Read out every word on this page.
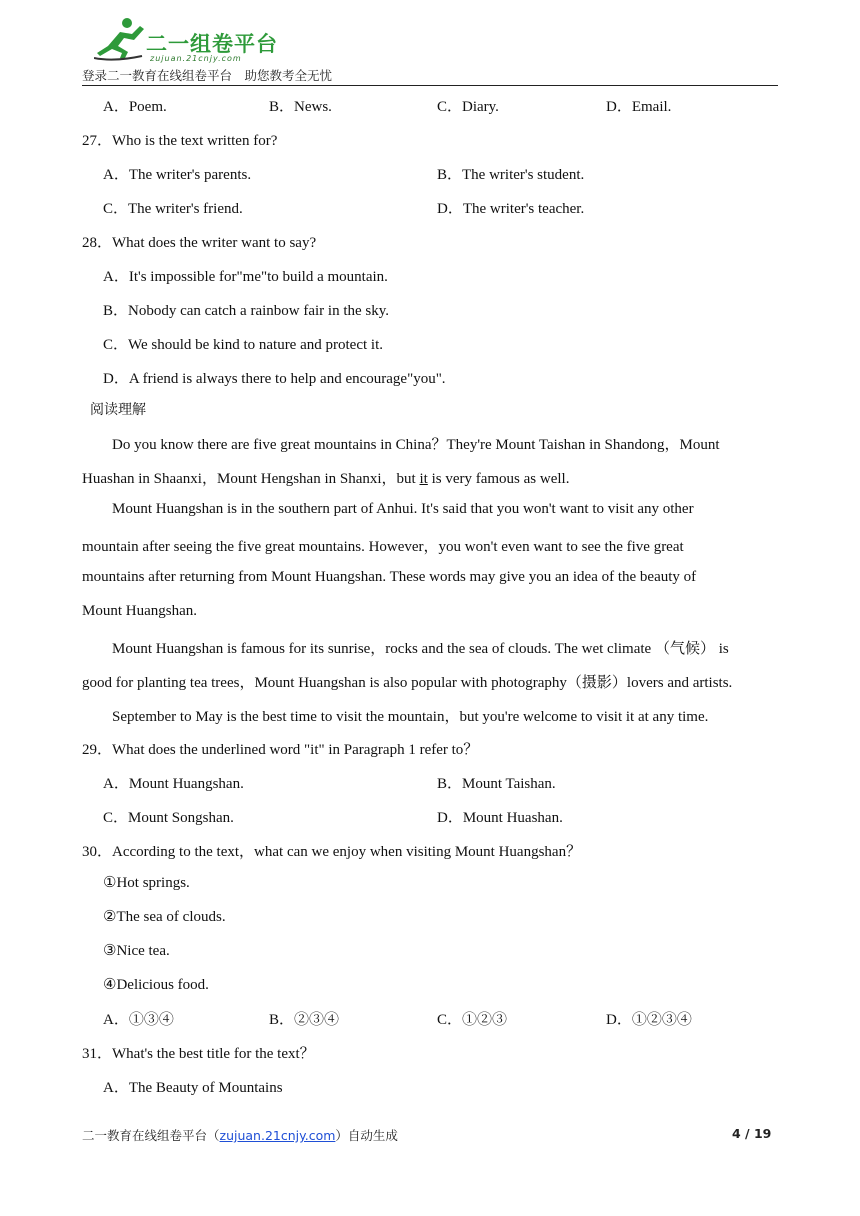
二一组卷平台
zujuan.21cnjy.com
登录二一教育在线组卷平台　助您教考全无忧
A．Poem.	B．News.	C．Diary.	D．Email.
27．Who is the text written for?
A．The writer's parents.	B．The writer's student.
C．The writer's friend.	D．The writer's teacher.
28．What does the writer want to say?
A．It's impossible for"me"to build a mountain.
B．Nobody can catch a rainbow fair in the sky.
C．We should be kind to nature and protect it.
D．A friend is always there to help and encourage"you".
阅读理解
Do you know there are five great mountains in China？They're Mount Taishan in Shandong，Mount
Huashan in Shaanxi，Mount Hengshan in Shanxi，but it is very famous as well.
Mount Huangshan is in the southern part of Anhui. It's said that you won't want to visit any other
mountain after seeing the five great mountains. However，you won't even want to see the five great
mountains after returning from Mount Huangshan. These words may give you an idea of the beauty of
Mount Huangshan.
Mount Huangshan is famous for its sunrise，rocks and the sea of clouds. The wet climate （气候） is
good for planting tea trees，Mount Huangshan is also popular with photography（摄影）lovers and artists.
September to May is the best time to visit the mountain，but you're welcome to visit it at any time.
29．What does the underlined word "it" in Paragraph 1 refer to？
A．Mount Huangshan.	B．Mount Taishan.
C．Mount Songshan.	D．Mount Huashan.
30．According to the text，what can we enjoy when visiting Mount Huangshan？
①Hot springs.
②The sea of clouds.
③Nice tea.
④Delicious food.
A．①③④	B．②③④	C．①②③	D．①②③④
31．What's the best title for the text？
A．The Beauty of Mountains
二一教育在线组卷平台（zujuan.21cnjy.com）自动生成	4 / 19
